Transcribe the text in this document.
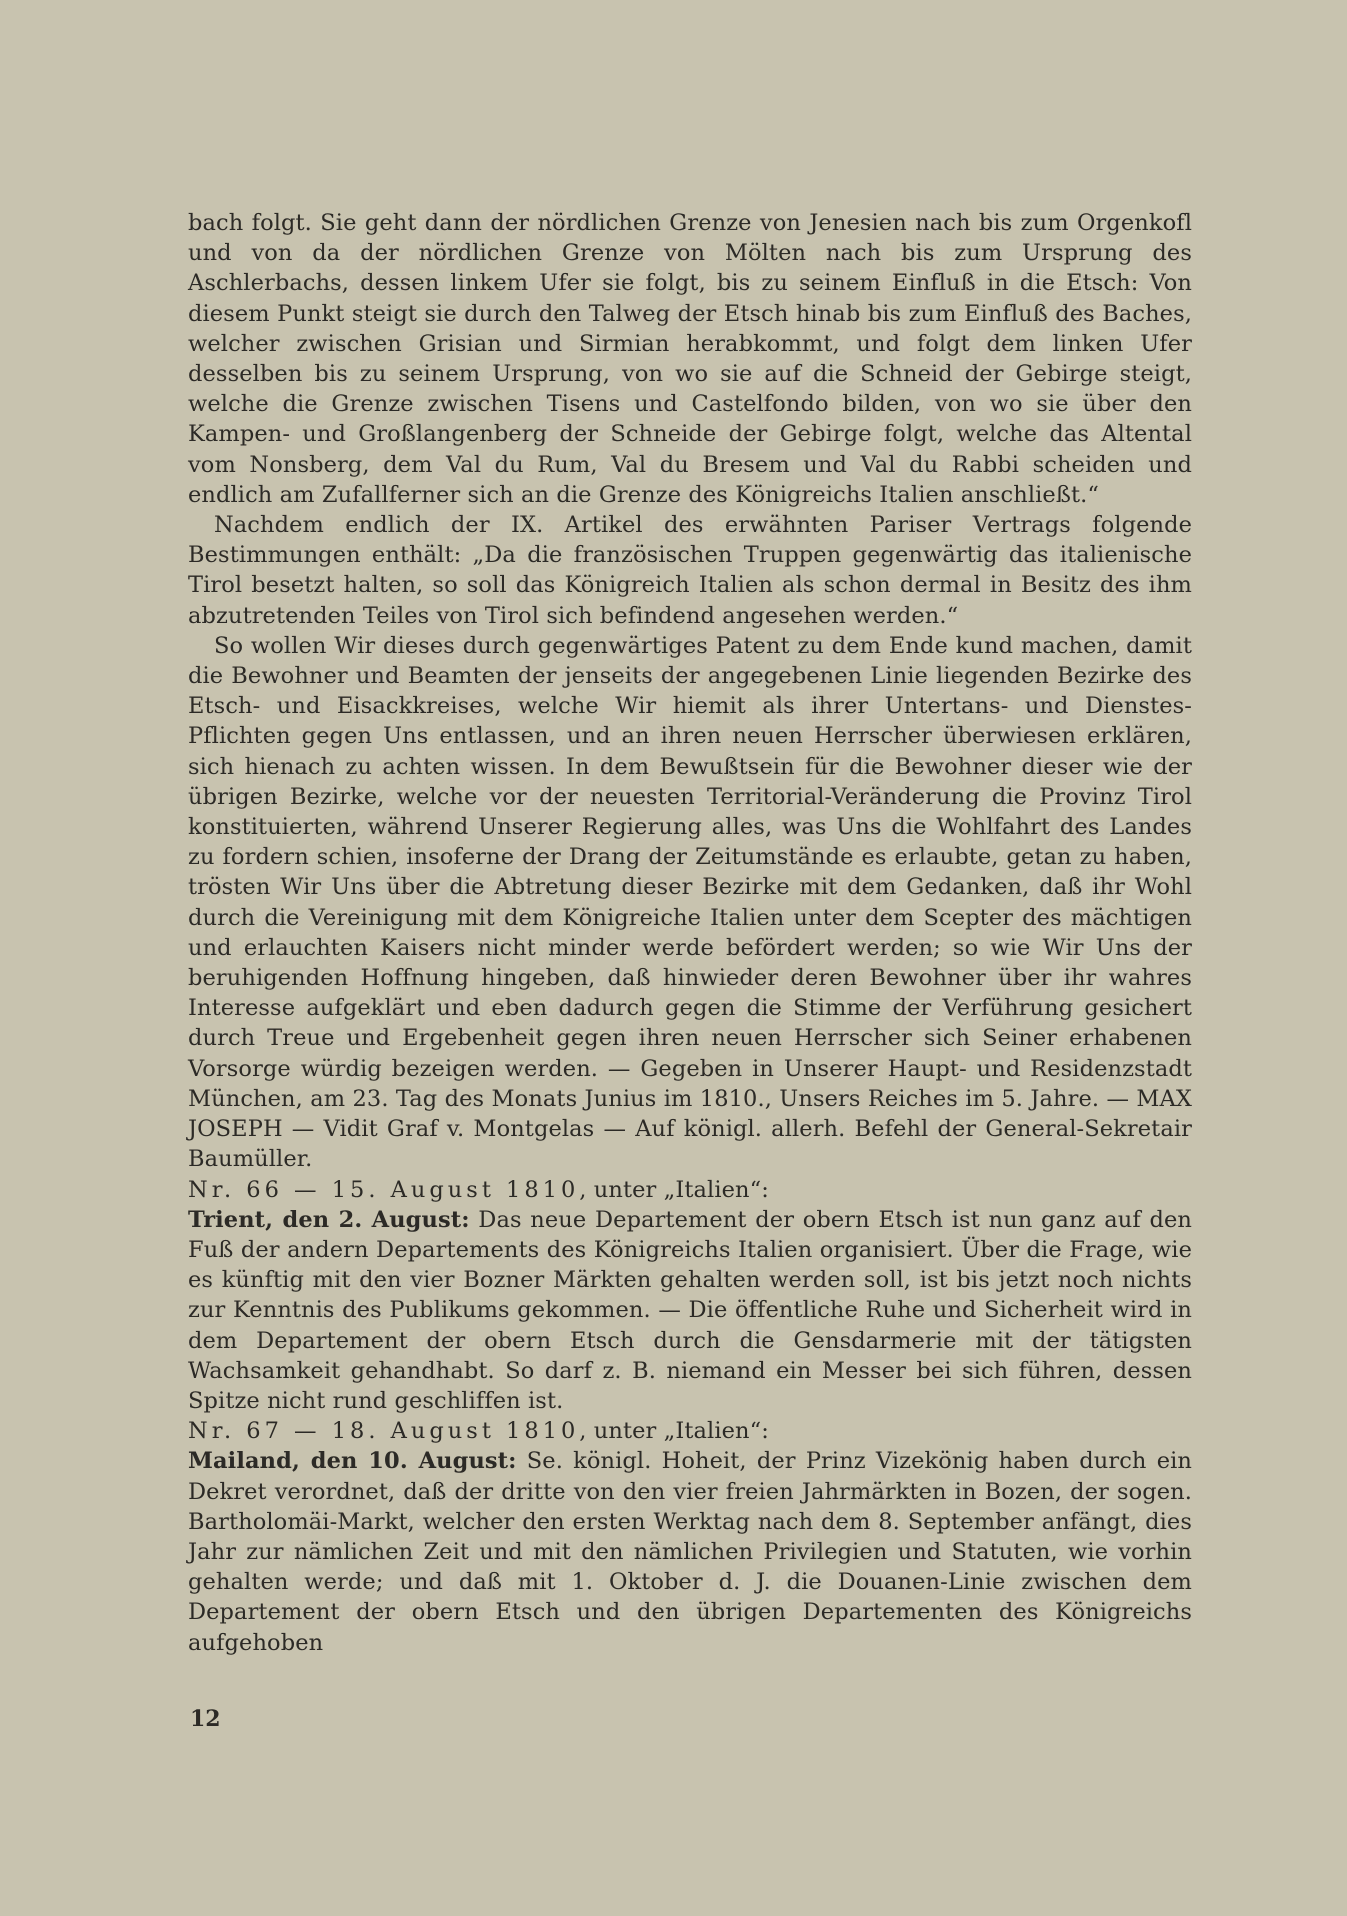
bach folgt. Sie geht dann der nördlichen Grenze von Jenesien nach bis zum Orgenkofl und von da der nördlichen Grenze von Mölten nach bis zum Ursprung des Aschlerbachs, dessen linkem Ufer sie folgt, bis zu seinem Einfluß in die Etsch: Von diesem Punkt steigt sie durch den Talweg der Etsch hinab bis zum Einfluß des Baches, welcher zwischen Grisian und Sirmian herabkommt, und folgt dem linken Ufer desselben bis zu seinem Ursprung, von wo sie auf die Schneid der Gebirge steigt, welche die Grenze zwischen Tisens und Castelfondo bilden, von wo sie über den Kampen- und Großlangenberg der Schneide der Gebirge folgt, welche das Altental vom Nonsberg, dem Val du Rum, Val du Bresem und Val du Rabbi scheiden und endlich am Zufallferner sich an die Grenze des Königreichs Italien anschließt.“

Nachdem endlich der IX. Artikel des erwähnten Pariser Vertrags folgende Bestimmungen enthält: „Da die französischen Truppen gegenwärtig das italienische Tirol besetzt halten, so soll das Königreich Italien als schon dermal in Besitz des ihm abzutretenden Teiles von Tirol sich befindend angesehen werden.“

So wollen Wir dieses durch gegenwärtiges Patent zu dem Ende kund machen, damit die Bewohner und Beamten der jenseits der angegebenen Linie liegenden Bezirke des Etsch- und Eisackkreises, welche Wir hiemit als ihrer Untertans- und Dienstes-Pflichten gegen Uns entlassen, und an ihren neuen Herrscher überwiesen erklären, sich hienach zu achten wissen. In dem Bewußtsein für die Bewohner dieser wie der übrigen Bezirke, welche vor der neuesten Territorial-Veränderung die Provinz Tirol konstituierten, während Unserer Regierung alles, was Uns die Wohlfahrt des Landes zu fordern schien, insoferne der Drang der Zeitumstände es erlaubte, getan zu haben, trösten Wir Uns über die Abtretung dieser Bezirke mit dem Gedanken, daß ihr Wohl durch die Vereinigung mit dem Königreiche Italien unter dem Scepter des mächtigen und erlauchten Kaisers nicht minder werde befördert werden; so wie Wir Uns der beruhigenden Hoffnung hingeben, daß hinwieder deren Bewohner über ihr wahres Interesse aufgeklärt und eben dadurch gegen die Stimme der Verführung gesichert durch Treue und Ergebenheit gegen ihren neuen Herrscher sich Seiner erhabenen Vorsorge würdig bezeigen werden. — Gegeben in Unserer Haupt- und Residenzstadt München, am 23. Tag des Monats Junius im 1810., Unsers Reiches im 5. Jahre. — MAX JOSEPH — Vidit Graf v. Montgelas — Auf königl. allerh. Befehl der General-Sekretair Baumüller.

Nr. 66 — 15. August 1810, unter „Italien“:

Trient, den 2. August: Das neue Departement der obern Etsch ist nun ganz auf den Fuß der andern Departements des Königreichs Italien organisiert. Über die Frage, wie es künftig mit den vier Bozner Märkten gehalten werden soll, ist bis jetzt noch nichts zur Kenntnis des Publikums gekommen. — Die öffentliche Ruhe und Sicherheit wird in dem Departement der obern Etsch durch die Gensdarmerie mit der tätigsten Wachsamkeit gehandhabt. So darf z. B. niemand ein Messer bei sich führen, dessen Spitze nicht rund geschliffen ist.

Nr. 67 — 18. August 1810, unter „Italien“:

Mailand, den 10. August: Se. königl. Hoheit, der Prinz Vizekönig haben durch ein Dekret verordnet, daß der dritte von den vier freien Jahrmärkten in Bozen, der sogen. Bartholomäi-Markt, welcher den ersten Werktag nach dem 8. September anfängt, dies Jahr zur nämlichen Zeit und mit den nämlichen Privilegien und Statuten, wie vorhin gehalten werde; und daß mit 1. Oktober d. J. die Douanen-Linie zwischen dem Departement der obern Etsch und den übrigen Departementen des Königreichs aufgehoben

12
